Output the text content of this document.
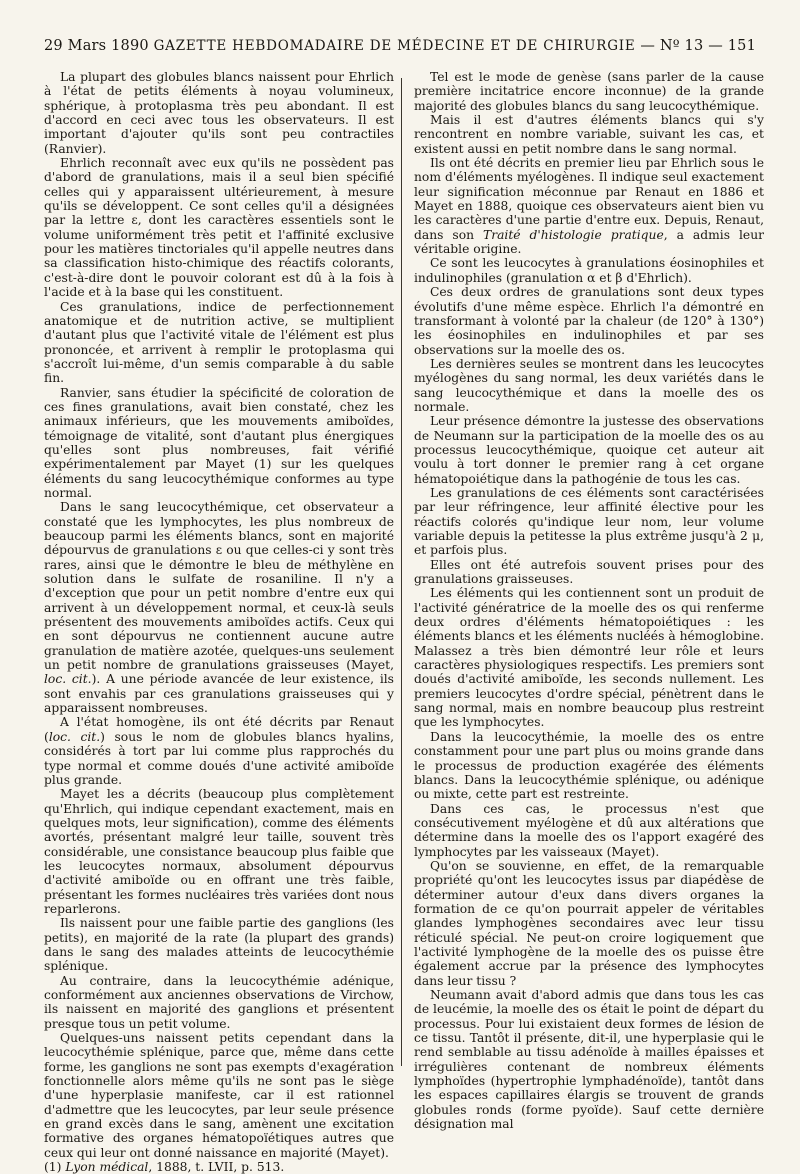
29 Mars 1890 GAZETTE HEBDOMADAIRE DE MÉDECINE ET DE CHIRURGIE — Nº 13 — 151

La plupart des globules blancs naissent pour Ehrlich à l'état de petits éléments à noyau volumineux, sphérique, à protoplasma très peu abondant. Il est d'accord en ceci avec tous les observateurs. Il est important d'ajouter qu'ils sont peu contractiles (Ranvier).

Ehrlich reconnaît avec eux qu'ils ne possèdent pas d'abord de granulations, mais il a seul bien spécifié celles qui y apparaissent ultérieurement, à mesure qu'ils se développent. Ce sont celles qu'il a désignées par la lettre ε, dont les caractères essentiels sont le volume uniformément très petit et l'affinité exclusive pour les matières tinctoriales qu'il appelle neutres dans sa classification histo-chimique des réactifs colorants, c'est-à-dire dont le pouvoir colorant est dû à la fois à l'acide et à la base qui les constituent.

Ces granulations, indice de perfectionnement anatomique et de nutrition active, se multiplient d'autant plus que l'activité vitale de l'élément est plus prononcée, et arrivent à remplir le protoplasma qui s'accroît lui-même, d'un semis comparable à du sable fin.

Ranvier, sans étudier la spécificité de coloration de ces fines granulations, avait bien constaté, chez les animaux inférieurs, que les mouvements amiboïdes, témoignage de vitalité, sont d'autant plus énergiques qu'elles sont plus nombreuses, fait vérifié expérimentalement par Mayet (1) sur les quelques éléments du sang leucocythémique conformes au type normal.

Dans le sang leucocythémique, cet observateur a constaté que les lymphocytes, les plus nombreux de beaucoup parmi les éléments blancs, sont en majorité dépourvus de granulations ε ou que celles-ci y sont très rares, ainsi que le démontre le bleu de méthylène en solution dans le sulfate de rosaniline. Il n'y a d'exception que pour un petit nombre d'entre eux qui arrivent à un développement normal, et ceux-là seuls présentent des mouvements amiboïdes actifs. Ceux qui en sont dépourvus ne contiennent aucune autre granulation de matière azotée, quelques-uns seulement un petit nombre de granulations graisseuses (Mayet, loc. cit.). A une période avancée de leur existence, ils sont envahis par ces granulations graisseuses qui y apparaissent nombreuses.

A l'état homogène, ils ont été décrits par Renaut (loc. cit.) sous le nom de globules blancs hyalins, considérés à tort par lui comme plus rapprochés du type normal et comme doués d'une activité amiboïde plus grande.

Mayet les a décrits (beaucoup plus complètement qu'Ehrlich, qui indique cependant exactement, mais en quelques mots, leur signification), comme des éléments avortés, présentant malgré leur taille, souvent très considérable, une consistance beaucoup plus faible que les leucocytes normaux, absolument dépourvus d'activité amiboïde ou en offrant une très faible, présentant les formes nucléaires très variées dont nous reparlerons.

Ils naissent pour une faible partie des ganglions (les petits), en majorité de la rate (la plupart des grands) dans le sang des malades atteints de leucocythémie splénique.

Au contraire, dans la leucocythémie adénique, conformément aux anciennes observations de Virchow, ils naissent en majorité des ganglions et présentent presque tous un petit volume.

Quelques-uns naissent petits cependant dans la leucocythémie splénique, parce que, même dans cette forme, les ganglions ne sont pas exempts d'exagération fonctionnelle alors même qu'ils ne sont pas le siège d'une hyperplasie manifeste, car il est rationnel d'admettre que les leucocytes, par leur seule présence en grand excès dans le sang, amènent une excitation formative des organes hématopoïétiques autres que ceux qui leur ont donné naissance en majorité (Mayet).

(1) Lyon médical, 1888, t. LVII, p. 513.

Tel est le mode de genèse (sans parler de la cause première incitatrice encore inconnue) de la grande majorité des globules blancs du sang leucocythémique.

Mais il est d'autres éléments blancs qui s'y rencontrent en nombre variable, suivant les cas, et existent aussi en petit nombre dans le sang normal.

Ils ont été décrits en premier lieu par Ehrlich sous le nom d'éléments myélogènes. Il indique seul exactement leur signification méconnue par Renaut en 1886 et Mayet en 1888, quoique ces observateurs aient bien vu les caractères d'une partie d'entre eux. Depuis, Renaut, dans son Traité d'histologie pratique, a admis leur véritable origine.

Ce sont les leucocytes à granulations éosinophiles et indulinophiles (granulation α et β d'Ehrlich).

Ces deux ordres de granulations sont deux types évolutifs d'une même espèce. Ehrlich l'a démontré en transformant à volonté par la chaleur (de 120° à 130°) les éosinophiles en indulinophiles et par ses observations sur la moelle des os.

Les dernières seules se montrent dans les leucocytes myélogènes du sang normal, les deux variétés dans le sang leucocythémique et dans la moelle des os normale.

Leur présence démontre la justesse des observations de Neumann sur la participation de la moelle des os au processus leucocythémique, quoique cet auteur ait voulu à tort donner le premier rang à cet organe hématopoiétique dans la pathogénie de tous les cas.

Les granulations de ces éléments sont caractérisées par leur réfringence, leur affinité élective pour les réactifs colorés qu'indique leur nom, leur volume variable depuis la petitesse la plus extrême jusqu'à 2 μ, et parfois plus.

Elles ont été autrefois souvent prises pour des granulations graisseuses.

Les éléments qui les contiennent sont un produit de l'activité génératrice de la moelle des os qui renferme deux ordres d'éléments hématopoiétiques : les éléments blancs et les éléments nucléés à hémoglobine. Malassez a très bien démontré leur rôle et leurs caractères physiologiques respectifs. Les premiers sont doués d'activité amiboïde, les seconds nullement. Les premiers leucocytes d'ordre spécial, pénètrent dans le sang normal, mais en nombre beaucoup plus restreint que les lymphocytes.

Dans la leucocythémie, la moelle des os entre constamment pour une part plus ou moins grande dans le processus de production exagérée des éléments blancs. Dans la leucocythémie splénique, ou adénique ou mixte, cette part est restreinte.

Dans ces cas, le processus n'est que consécutivement myélogène et dû aux altérations que détermine dans la moelle des os l'apport exagéré des lymphocytes par les vaisseaux (Mayet).

Qu'on se souvienne, en effet, de la remarquable propriété qu'ont les leucocytes issus par diapédèse de déterminer autour d'eux dans divers organes la formation de ce qu'on pourrait appeler de véritables glandes lymphogènes secondaires avec leur tissu réticulé spécial. Ne peut-on croire logiquement que l'activité lymphogène de la moelle des os puisse être également accrue par la présence des lymphocytes dans leur tissu ?

Neumann avait d'abord admis que dans tous les cas de leucémie, la moelle des os était le point de départ du processus. Pour lui existaient deux formes de lésion de ce tissu. Tantôt il présente, dit-il, une hyperplasie qui le rend semblable au tissu adénoïde à mailles épaisses et irrégulières contenant de nombreux éléments lymphoïdes (hypertrophie lymphadénoïde), tantôt dans les espaces capillaires élargis se trouvent de grands globules ronds (forme pyoïde). Sauf cette dernière désignation mal
